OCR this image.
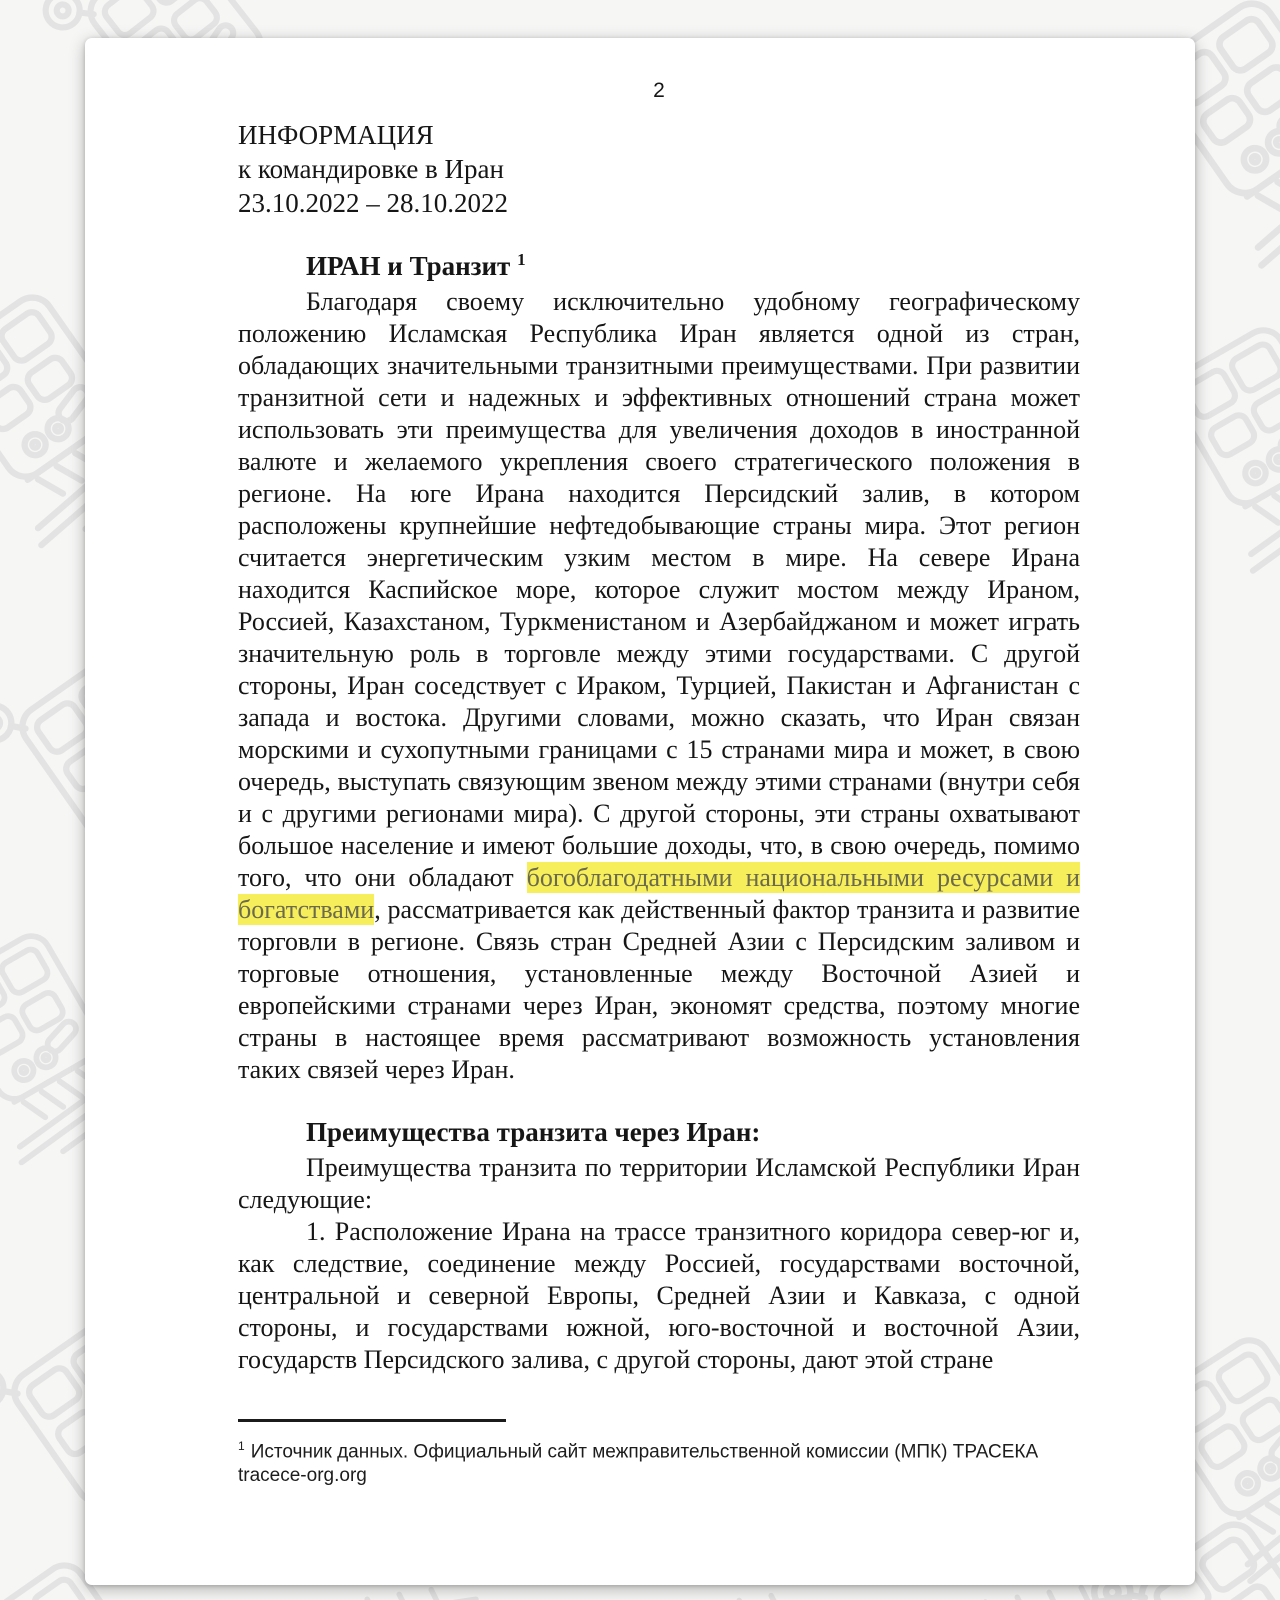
2
ИНФОРМАЦИЯ
к командировке в Иран
23.10.2022 – 28.10.2022
ИРАН и Транзит $^1$
Благодаря своему исключительно удобному географическому положению Исламская Республика Иран является одной из стран, обладающих значительными транзитными преимуществами. При развитии транзитной сети и надежных и эффективных отношений страна может использовать эти преимущества для увеличения доходов в иностранной валюте и желаемого укрепления своего стратегического положения в регионе. На юге Ирана находится Персидский залив, в котором расположены крупнейшие нефтедобывающие страны мира. Этот регион считается энергетическим узким местом в мире. На севере Ирана находится Каспийское море, которое служит мостом между Ираном, Россией, Казахстаном, Туркменистаном и Азербайджаном и может играть значительную роль в торговле между этими государствами. С другой стороны, Иран соседствует с Ираком, Турцией, Пакистан и Афганистан с запада и востока. Другими словами, можно сказать, что Иран связан морскими и сухопутными границами с 15 странами мира и может, в свою очередь, выступать связующим звеном между этими странами (внутри себя и с другими регионами мира). С другой стороны, эти страны охватывают большое население и имеют большие доходы, что, в свою очередь, помимо того, что они обладают богоблагодатными национальными ресурсами и богатствами, рассматривается как действенный фактор транзита и развитие торговли в регионе. Связь стран Средней Азии с Персидским заливом и торговые отношения, установленные между Восточной Азией и европейскими странами через Иран, экономят средства, поэтому многие страны в настоящее время рассматривают возможность установления таких связей через Иран.
Преимущества транзита через Иран:
Преимущества транзита по территории Исламской Республики Иран следующие:
1. Расположение Ирана на трассе транзитного коридора север-юг и, как следствие, соединение между Россией, государствами восточной, центральной и северной Европы, Средней Азии и Кавказа, с одной стороны, и государствами южной, юго-восточной и восточной Азии, государств Персидского залива, с другой стороны, дают этой стране
$^1$ Источник данных. Официальный сайт межправительственной комиссии (МПК) ТРАСЕКА tracece-org.org
